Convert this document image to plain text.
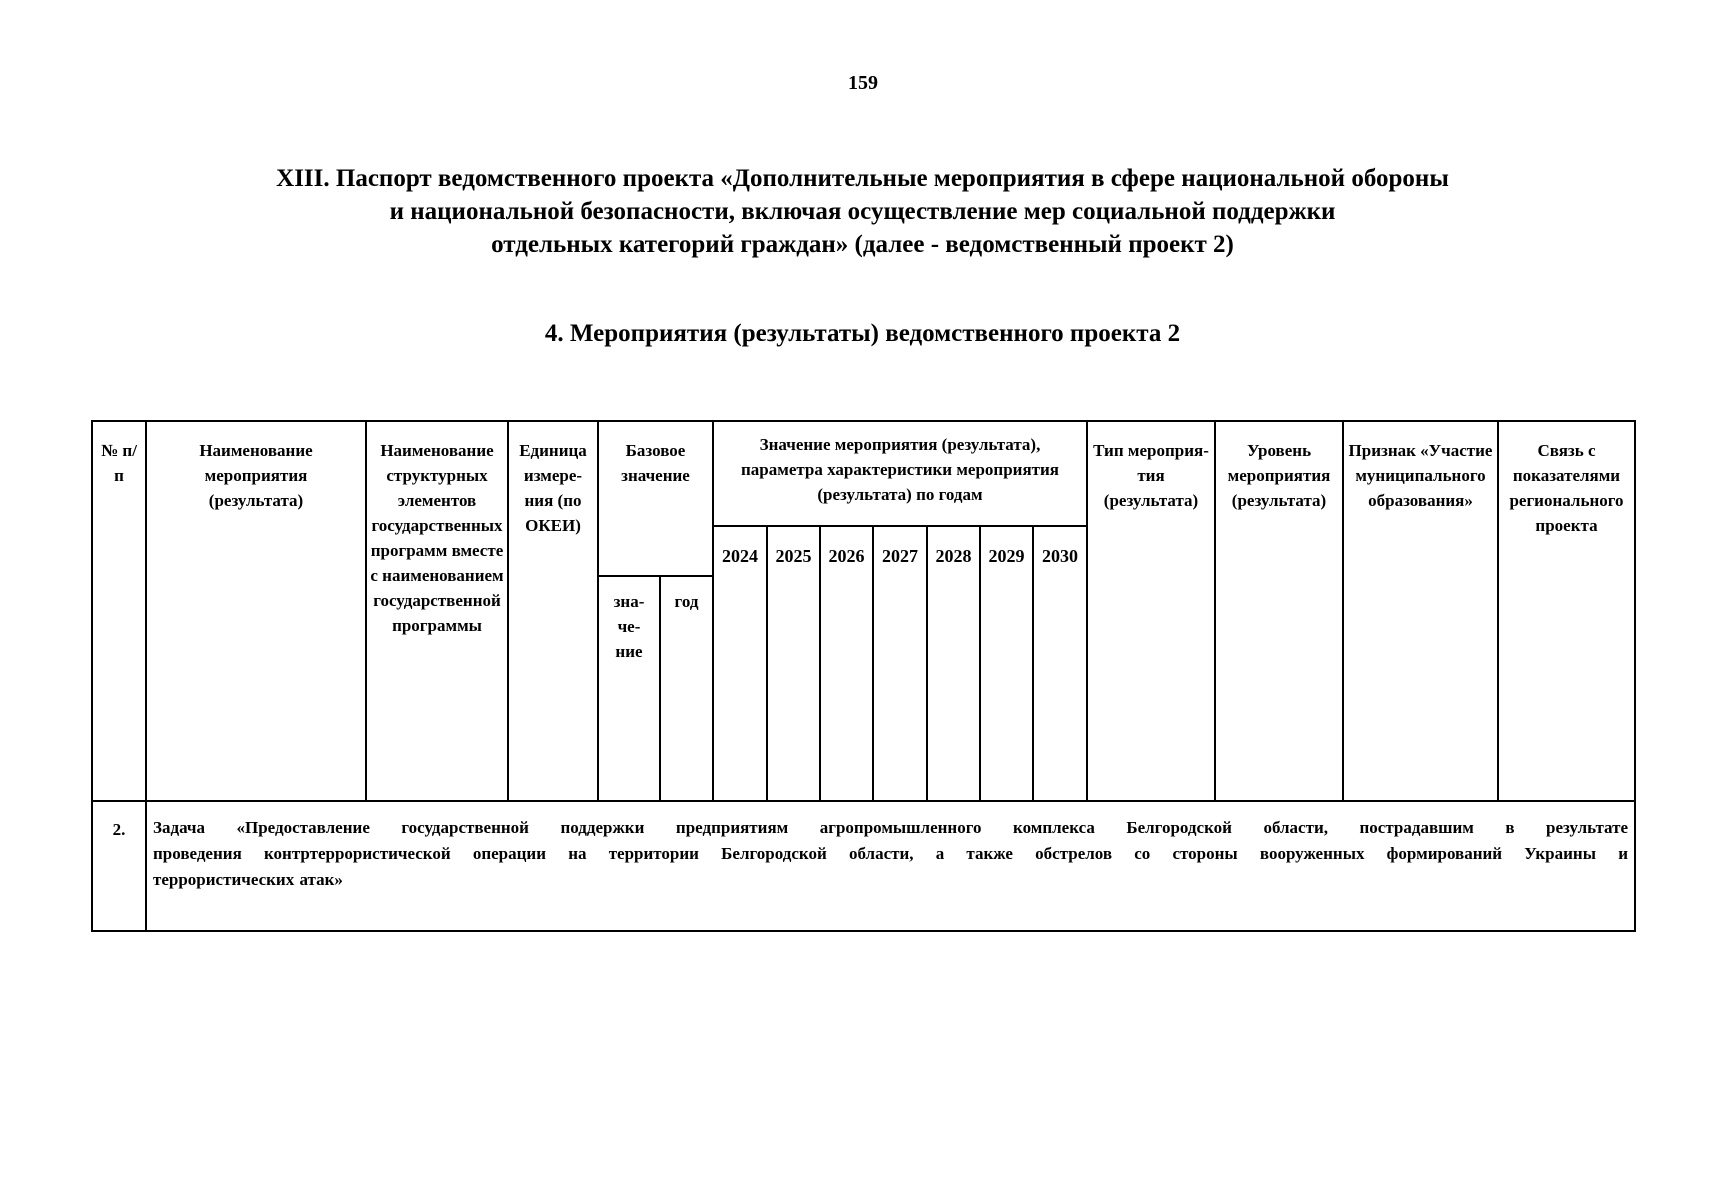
159
XIII. Паспорт ведомственного проекта «Дополнительные мероприятия в сфере национальной обороны
и национальной безопасности, включая осуществление мер социальной поддержки
отдельных категорий граждан» (далее - ведомственный проект 2)
4. Мероприятия (результаты) ведомственного проекта 2
№ п/п	Наименование мероприятия (результата)	Наименование структурных элементов государственных программ вместе с наименованием государственной программы	Единица измерения (по ОКЕИ)	Базовое значение		Значение мероприятия (результата), параметра характеристики мероприятия (результата) по годам							Тип мероприятия (результата)	Уровень мероприятия (результата)	Признак «Участие муниципального образования»	Связь с показателями регионального проекта

						2024	2025	2026	2027	2028	2029	2030				

				значение	год											

2.	Задача «Предоставление государственной поддержки предприятиям агропромышленного комплекса Белгородской области, пострадавшим в результате
проведения контртеррористической операции на территории Белгородской области, а также обстрелов со стороны вооруженных формирований Украины и
террористических атак»															
